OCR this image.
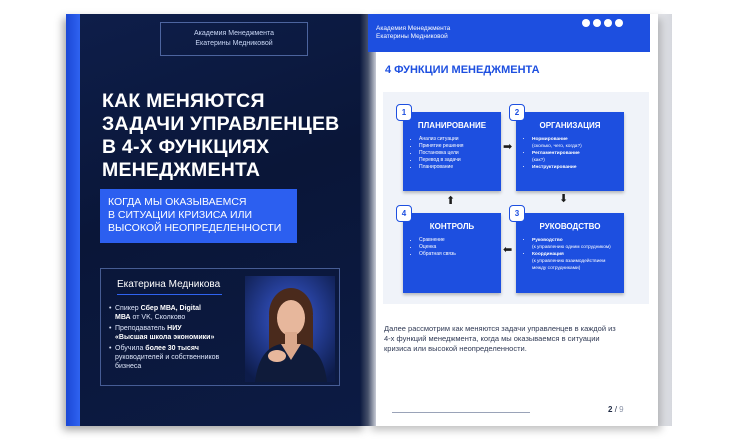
Академия Менеджмента
Екатерины Медниковой
КАК МЕНЯЮТСЯ
ЗАДАЧИ УПРАВЛЕНЦЕВ
В 4-Х ФУНКЦИЯХ
МЕНЕДЖМЕНТА
КОГДА МЫ ОКАЗЫВАЕМСЯ
В СИТУАЦИИ КРИЗИСА ИЛИ
ВЫСОКОЙ НЕОПРЕДЕЛЕННОСТИ
Екатерина Медникова
• Спикер Сбер МВА, Digital
МВА от VK, Сколково
• Преподаватель НИУ
«Высшая школа экономики»
• Обучила более 30 тысяч
руководителей и собственников бизнеса
Академия Менеджмента
Екатерины Медниковой
4 ФУНКЦИИ МЕНЕДЖМЕНТА
ПЛАНИРОВАНИЕ
• Анализ ситуации
• Принятие решения
• Постановка цели
• Перевод в задачи
• Планирование
1
ОРГАНИЗАЦИЯ
• Нормирование
(сколько, чего, когда?)
• Регламентирование
(как?)
• Инструктирование
2
РУКОВОДСТВО
• Руководство
(к управлению одним сотрудником)
• Координация
(к управлению взаимодействием между сотрудниками)
3
КОНТРОЛЬ
• Сравнение
• Оценка
• Обратная связь
4
➡
⬇
⬅
⬆
Далее рассмотрим как меняются задачи управленцев в каждой из 4-х функций менеджмента, когда мы оказываемся в ситуации кризиса или высокой неопределенности.
2 / 9
